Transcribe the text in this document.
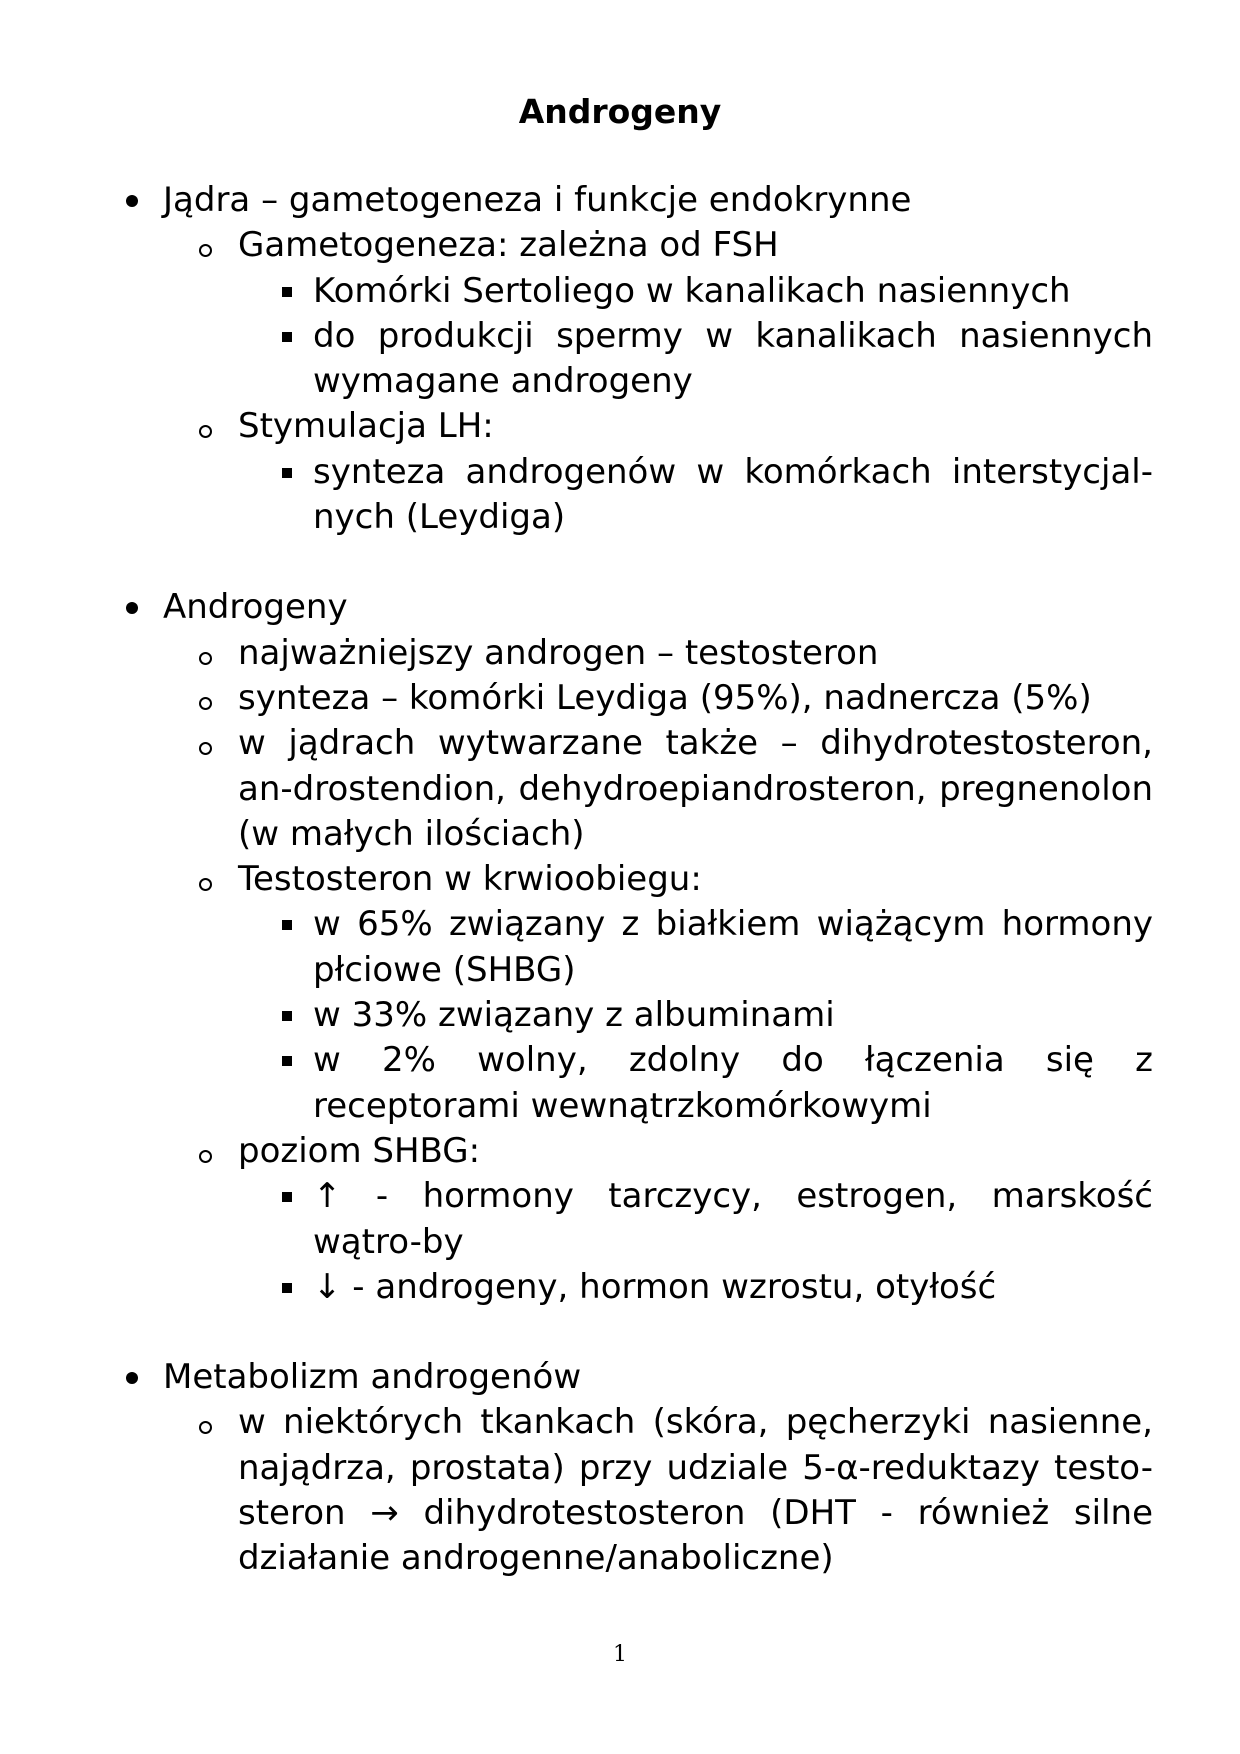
Androgeny
Jądra – gametogeneza i funkcje endokrynne
Gametogeneza: zależna od FSH
Komórki Sertoliego w kanalikach nasiennych
do produkcji spermy w kanalikach nasiennych wymagane androgeny
Stymulacja LH:
synteza androgenów w komórkach interstycjal-nych (Leydiga)
Androgeny
najważniejszy androgen – testosteron
synteza – komórki Leydiga (95%), nadnercza (5%)
w jądrach wytwarzane także – dihydrotestosteron, an-drostendion, dehydroepiandrosteron, pregnenolon (w małych ilościach)
Testosteron w krwioobiegu:
w 65% związany z białkiem wiążącym hormony płciowe (SHBG)
w 33% związany z albuminami
w 2% wolny, zdolny do łączenia się z receptorami wewnątrzkomórkowymi
poziom SHBG:
↑ - hormony tarczycy, estrogen, marskość wątro-by
↓ - androgeny, hormon wzrostu, otyłość
Metabolizm androgenów
w niektórych tkankach (skóra, pęcherzyki nasienne, najądrza, prostata) przy udziale 5-α-reduktazy testo-steron → dihydrotestosteron (DHT - również silne działanie androgenne/anaboliczne)
1
